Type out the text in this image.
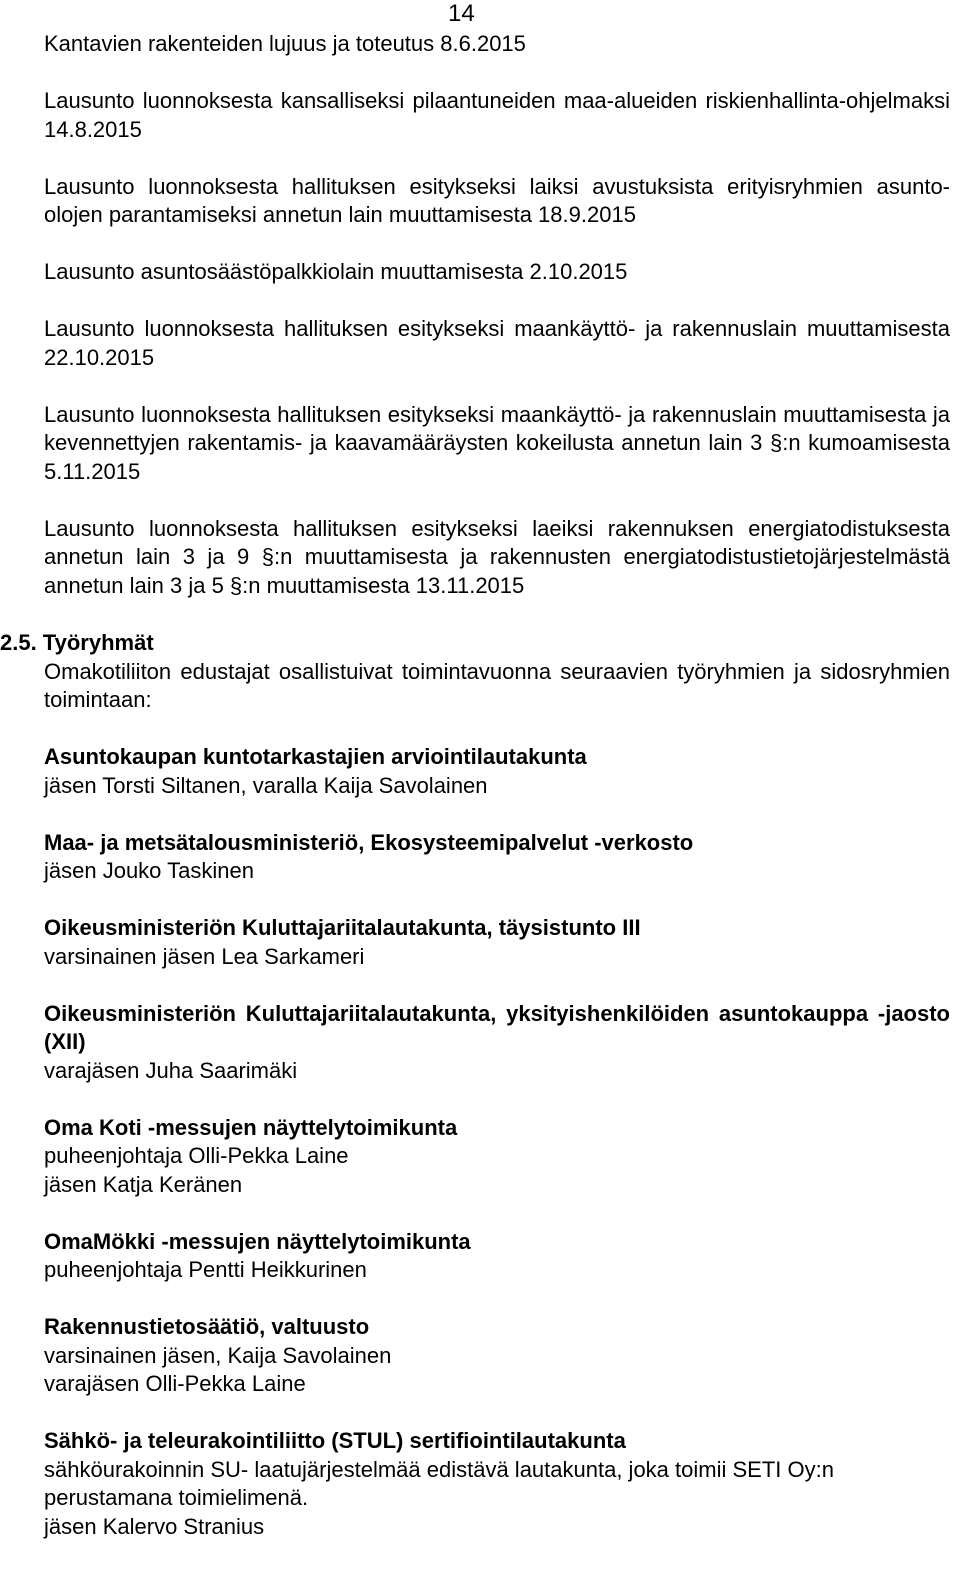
14

Kantavien rakenteiden lujuus ja toteutus 8.6.2015

Lausunto luonnoksesta kansalliseksi pilaantuneiden maa-alueiden riskienhallinta-ohjelmaksi 14.8.2015

Lausunto luonnoksesta hallituksen esitykseksi laiksi avustuksista erityisryhmien asunto-olojen parantamiseksi annetun lain muuttamisesta 18.9.2015

Lausunto asuntosäästöpalkkiolain muuttamisesta 2.10.2015

Lausunto luonnoksesta hallituksen esitykseksi maankäyttö- ja rakennuslain muuttamisesta 22.10.2015

Lausunto luonnoksesta hallituksen esitykseksi maankäyttö- ja rakennuslain muuttamisesta ja kevennettyjen rakentamis- ja kaavamääräysten kokeilusta annetun lain 3 §:n kumoamisesta 5.11.2015

Lausunto luonnoksesta hallituksen esitykseksi laeiksi rakennuksen energiatodistuksesta annetun lain 3 ja 9 §:n muuttamisesta ja rakennusten energiatodistustietojärjestelmästä annetun lain 3 ja 5 §:n muuttamisesta 13.11.2015

2.5. Työryhmät

Omakotiliiton edustajat osallistuivat toimintavuonna seuraavien työryhmien ja sidosryhmien toimintaan:

Asuntokaupan kuntotarkastajien arviointilautakunta
jäsen Torsti Siltanen, varalla Kaija Savolainen
Maa- ja metsätalousministeriö, Ekosysteemipalvelut -verkosto
jäsen Jouko Taskinen
Oikeusministeriön Kuluttajariitalautakunta, täysistunto III
varsinainen jäsen Lea Sarkameri
Oikeusministeriön Kuluttajariitalautakunta, yksityishenkilöiden asuntokauppa -jaosto (XII)
varajäsen Juha Saarimäki
Oma Koti -messujen näyttelytoimikunta
puheenjohtaja Olli-Pekka Laine
jäsen Katja Keränen
OmaMökki -messujen näyttelytoimikunta
puheenjohtaja Pentti Heikkurinen
Rakennustietosäätiö, valtuusto
varsinainen jäsen, Kaija Savolainen
varajäsen Olli-Pekka Laine
Sähkö- ja teleurakointiliitto (STUL) sertifiointilautakunta
sähköurakoinnin SU- laatujärjestelmää edistävä lautakunta, joka toimii SETI Oy:n perustamana toimielimenä.
jäsen Kalervo Stranius
